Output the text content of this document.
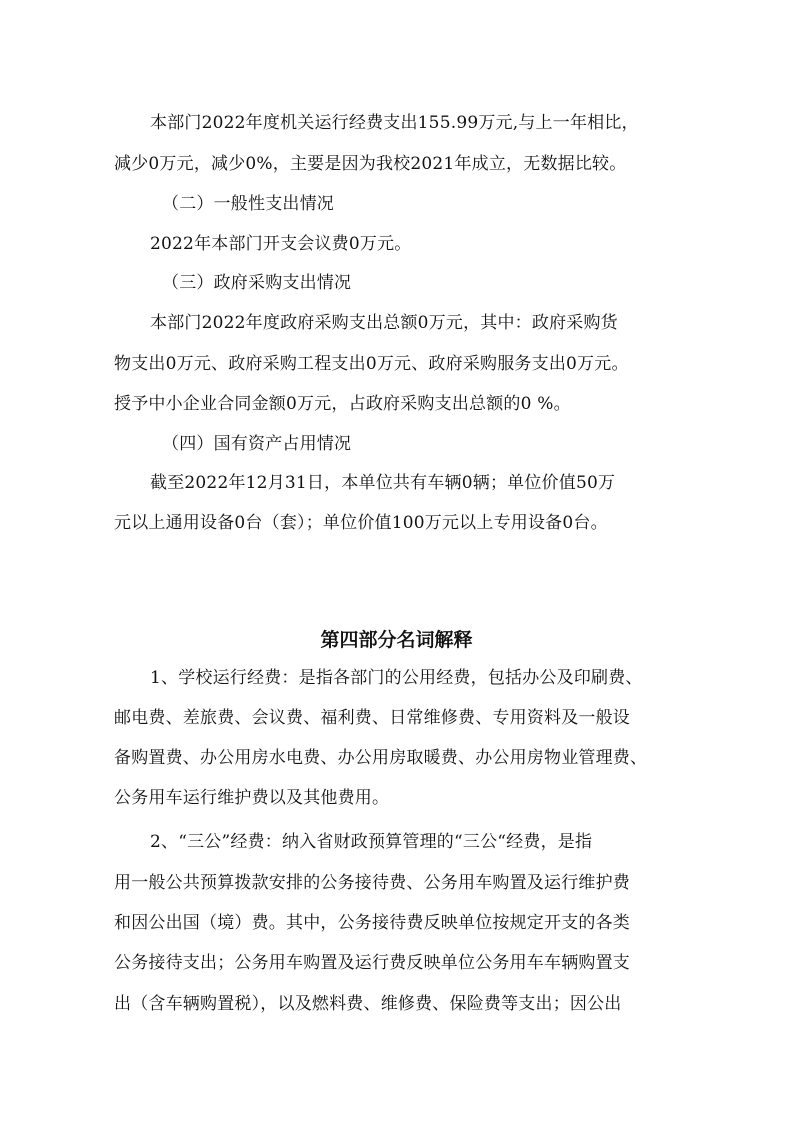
本部门2022年度机关运行经费支出155.99万元,与上一年相比，
减少0万元，减少0%，主要是因为我校2021年成立，无数据比较。
（二）一般性支出情况
2022年本部门开支会议费0万元。
（三）政府采购支出情况
本部门2022年度政府采购支出总额0万元，其中：政府采购货
物支出0万元、政府采购工程支出0万元、政府采购服务支出0万元。
授予中小企业合同金额0万元，占政府采购支出总额的0 %。
（四）国有资产占用情况
截至2022年12月31日，本单位共有车辆0辆；单位价值50万
元以上通用设备0台（套）；单位价值100万元以上专用设备0台。
第四部分名词解释
1、学校运行经费：是指各部门的公用经费，包括办公及印刷费、
邮电费、差旅费、会议费、福利费、日常维修费、专用资料及一般设
备购置费、办公用房水电费、办公用房取暖费、办公用房物业管理费、
公务用车运行维护费以及其他费用。
2、“三公”经费：纳入省财政预算管理的“三公“经费，是指
用一般公共预算拨款安排的公务接待费、公务用车购置及运行维护费
和因公出国（境）费。其中，公务接待费反映单位按规定开支的各类
公务接待支出；公务用车购置及运行费反映单位公务用车车辆购置支
出（含车辆购置税），以及燃料费、维修费、保险费等支出；因公出
